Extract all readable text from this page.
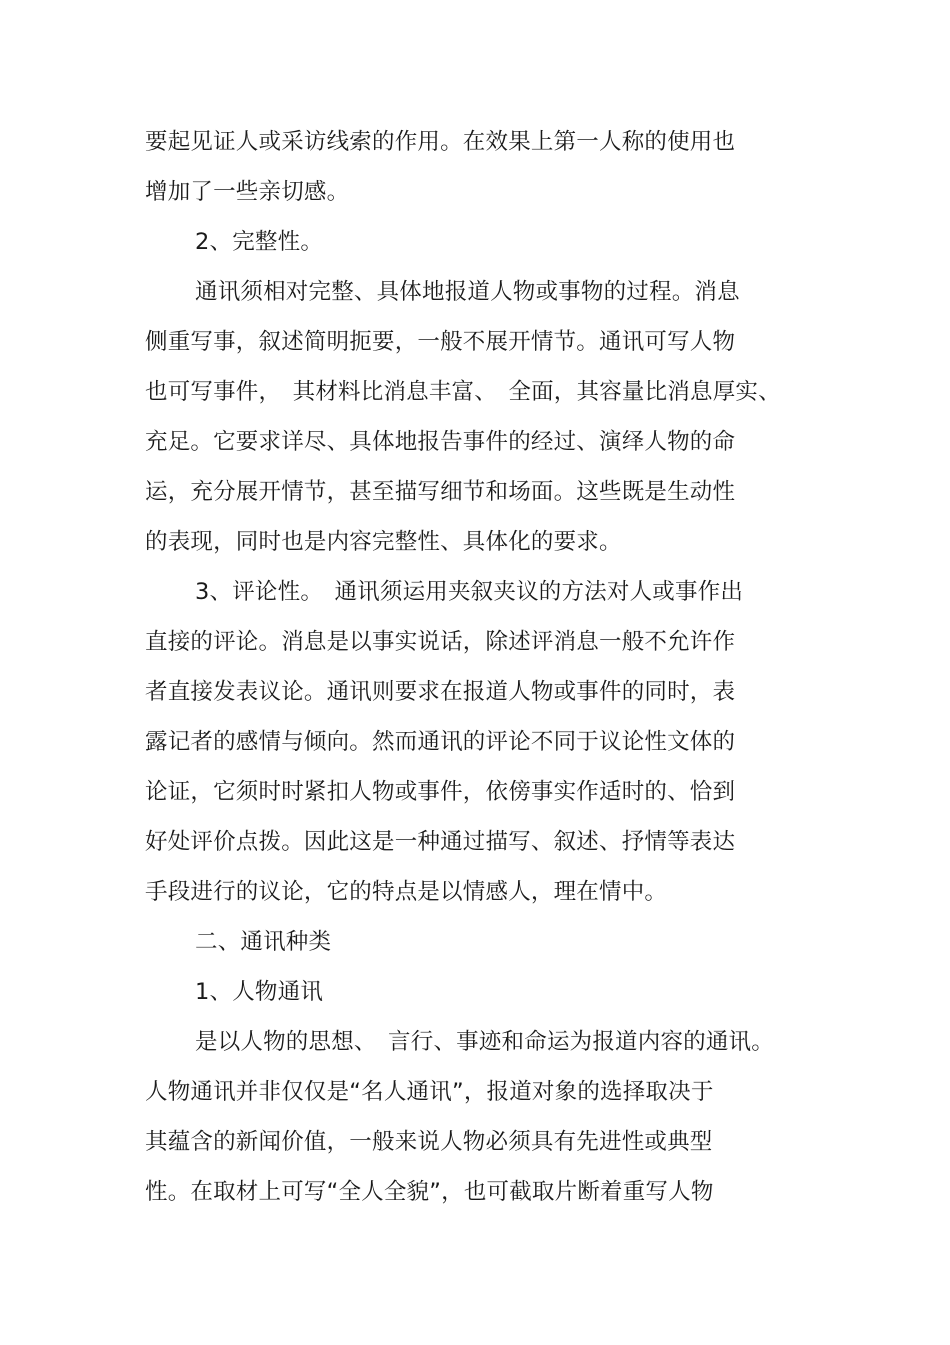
要起见证人或采访线索的作用。在效果上第一人称的使用也
增加了一些亲切感。
2、完整性。
通讯须相对完整、具体地报道人物或事物的过程。消息
侧重写事，叙述简明扼要，一般不展开情节。通讯可写人物
也可写事件，　其材料比消息丰富、　全面，其容量比消息厚实、
充足。它要求详尽、具体地报告事件的经过、演绎人物的命
运，充分展开情节，甚至描写细节和场面。这些既是生动性
的表现，同时也是内容完整性、具体化的要求。
3、评论性。　通讯须运用夹叙夹议的方法对人或事作出
直接的评论。消息是以事实说话，除述评消息一般不允许作
者直接发表议论。通讯则要求在报道人物或事件的同时，表
露记者的感情与倾向。然而通讯的评论不同于议论性文体的
论证，它须时时紧扣人物或事件，依傍事实作适时的、恰到
好处评价点拨。因此这是一种通过描写、叙述、抒情等表达
手段进行的议论，它的特点是以情感人，理在情中。
二、通讯种类
1、人物通讯
是以人物的思想、　言行、事迹和命运为报道内容的通讯。
人物通讯并非仅仅是“名人通讯”，报道对象的选择取决于
其蕴含的新闻价值，一般来说人物必须具有先进性或典型
性。在取材上可写“全人全貌”，也可截取片断着重写人物
